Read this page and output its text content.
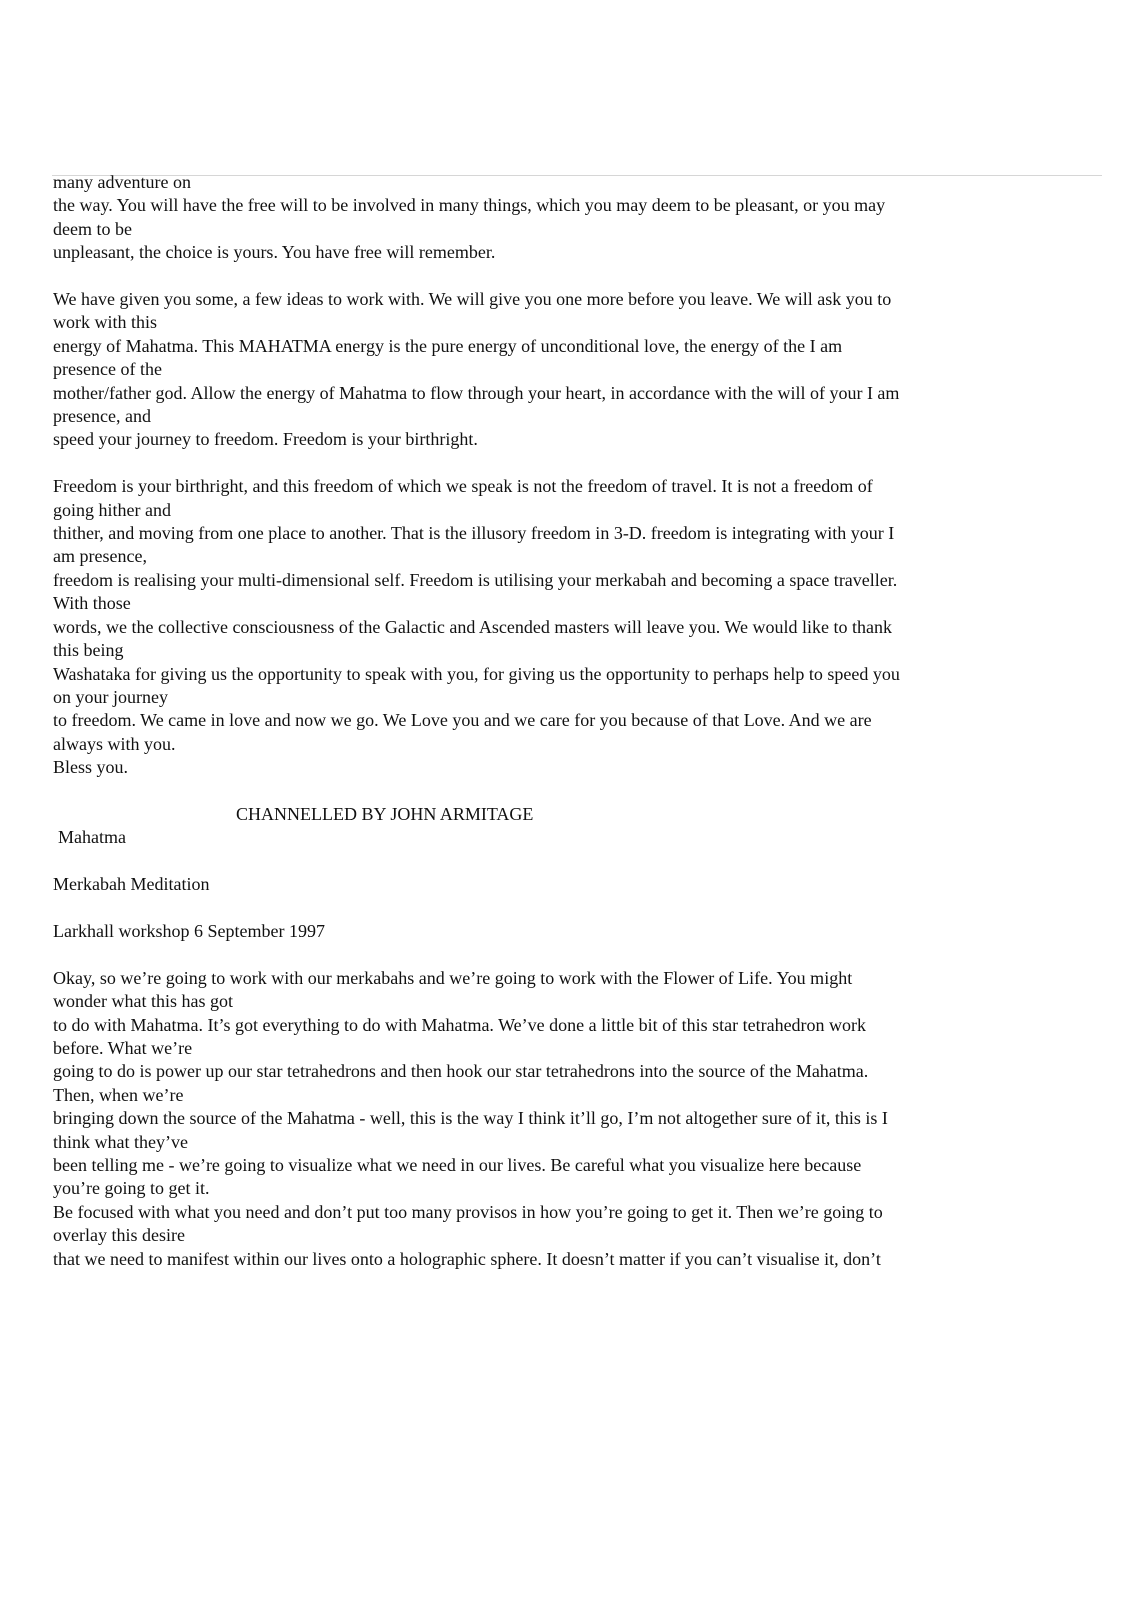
many adventure on
the way. You will have the free will to be involved in many things, which you may deem to be pleasant, or you may
deem to be
unpleasant, the choice is yours. You have free will remember.
We have given you some, a few ideas to work with. We will give you one more before you leave. We will ask you to
work with this
energy of Mahatma. This MAHATMA energy is the pure energy of unconditional love, the energy of the I am
presence of the
mother/father god. Allow the energy of Mahatma to flow through your heart, in accordance with the will of your I am
presence, and
speed your journey to freedom. Freedom is your birthright.
Freedom is your birthright, and this freedom of which we speak is not the freedom of travel. It is not a freedom of
going hither and
thither, and moving from one place to another. That is the illusory freedom in 3-D. freedom is integrating with your I
am presence,
freedom is realising your multi-dimensional self. Freedom is utilising your merkabah and becoming a space traveller.
With those
words, we the collective consciousness of the Galactic and Ascended masters will leave you. We would like to thank
this being
Washataka for giving us the opportunity to speak with you, for giving us the opportunity to perhaps help to speed you
on your journey
to freedom. We came in love and now we go. We Love you and we care for you because of that Love. And we are
always with you.
Bless you.
CHANNELLED BY JOHN ARMITAGE
Mahatma
Merkabah Meditation
Larkhall workshop 6 September 1997
Okay, so we’re going to work with our merkabahs and we’re going to work with the Flower of Life. You might
wonder what this has got
to do with Mahatma. It’s got everything to do with Mahatma. We’ve done a little bit of this star tetrahedron work
before. What we’re
going to do is power up our star tetrahedrons and then hook our star tetrahedrons into the source of the Mahatma.
Then, when we’re
bringing down the source of the Mahatma - well, this is the way I think it’ll go, I’m not altogether sure of it, this is I
think what they’ve
been telling me - we’re going to visualize what we need in our lives. Be careful what you visualize here because
you’re going to get it.
Be focused with what you need and don’t put too many provisos in how you’re going to get it. Then we’re going to
overlay this desire
that we need to manifest within our lives onto a holographic sphere. It doesn’t matter if you can’t visualise it, don’t
